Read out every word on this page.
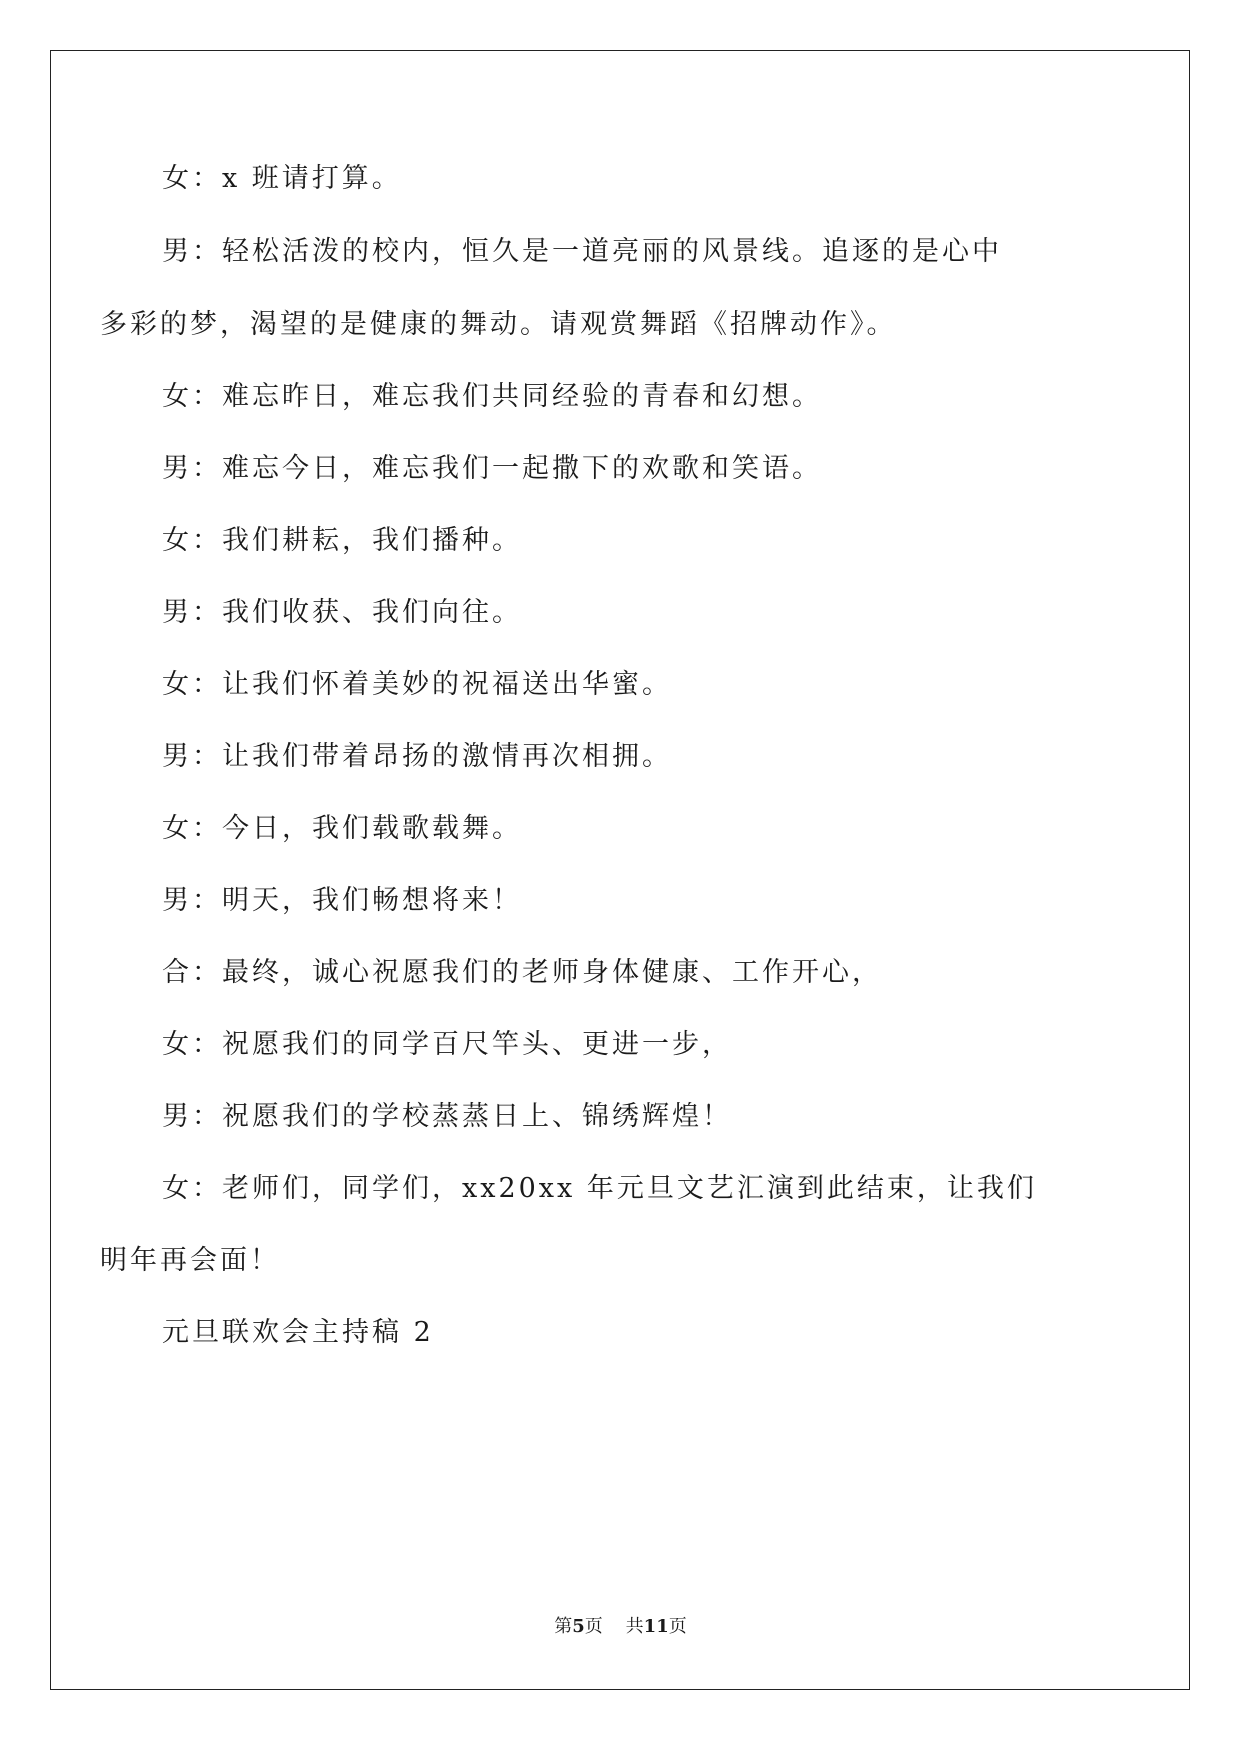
女：x 班请打算。

男：轻松活泼的校内，恒久是一道亮丽的风景线。追逐的是心中

多彩的梦，渴望的是健康的舞动。请观赏舞蹈《招牌动作》。

女：难忘昨日，难忘我们共同经验的青春和幻想。

男：难忘今日，难忘我们一起撒下的欢歌和笑语。

女：我们耕耘，我们播种。

男：我们收获、我们向往。

女：让我们怀着美妙的祝福送出华蜜。

男：让我们带着昂扬的激情再次相拥。

女：今日，我们载歌载舞。

男：明天，我们畅想将来！

合：最终，诚心祝愿我们的老师身体健康、工作开心，

女：祝愿我们的同学百尺竿头、更进一步，

男：祝愿我们的学校蒸蒸日上、锦绣辉煌！

女：老师们，同学们，xx20xx 年元旦文艺汇演到此结束，让我们

明年再会面！

元旦联欢会主持稿 2

第5页 共11页
